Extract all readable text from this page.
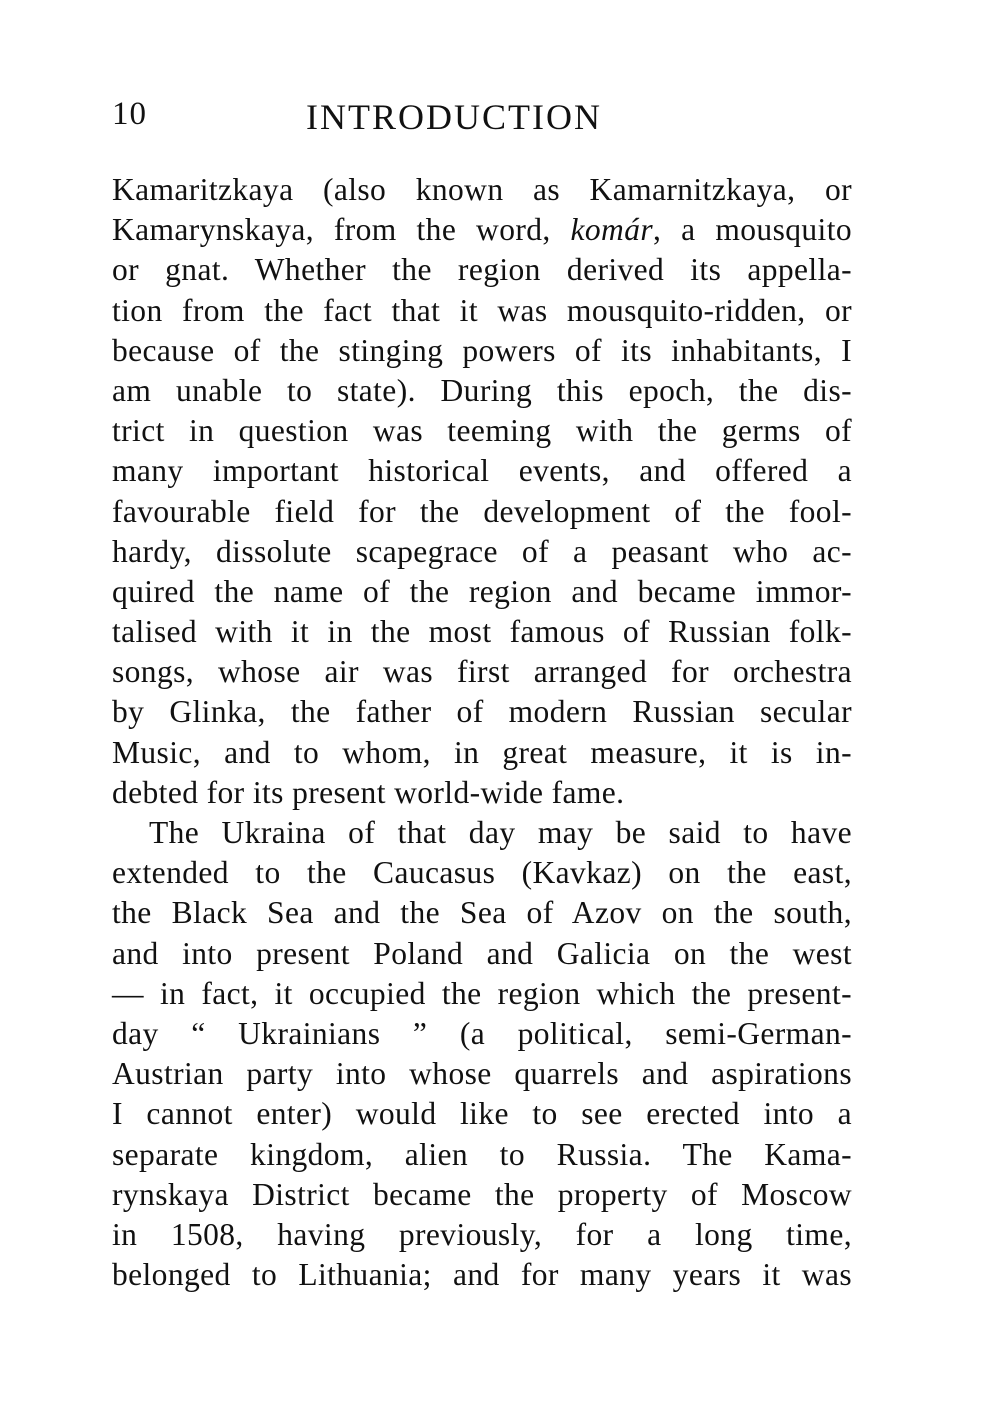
10	INTRODUCTION
Kamaritzkaya (also known as Kamarnitzkaya, or
Kamarynskaya, from the word, komár, a mousquito
or gnat. Whether the region derived its appella-
tion from the fact that it was mousquito-ridden, or
because of the stinging powers of its inhabitants, I
am unable to state). During this epoch, the dis-
trict in question was teeming with the germs of
many important historical events, and offered a
favourable field for the development of the fool-
hardy, dissolute scapegrace of a peasant who ac-
quired the name of the region and became immor-
talised with it in the most famous of Russian folk-
songs, whose air was first arranged for orchestra
by Glinka, the father of modern Russian secular
Music, and to whom, in great measure, it is in-
debted for its present world-wide fame.
The Ukraina of that day may be said to have
extended to the Caucasus (Kavkaz) on the east,
the Black Sea and the Sea of Azov on the south,
and into present Poland and Galicia on the west
— in fact, it occupied the region which the present-
day “ Ukrainians ” (a political, semi-German-
Austrian party into whose quarrels and aspirations
I cannot enter) would like to see erected into a
separate kingdom, alien to Russia. The Kama-
rynskaya District became the property of Moscow
in 1508, having previously, for a long time,
belonged to Lithuania; and for many years it was
